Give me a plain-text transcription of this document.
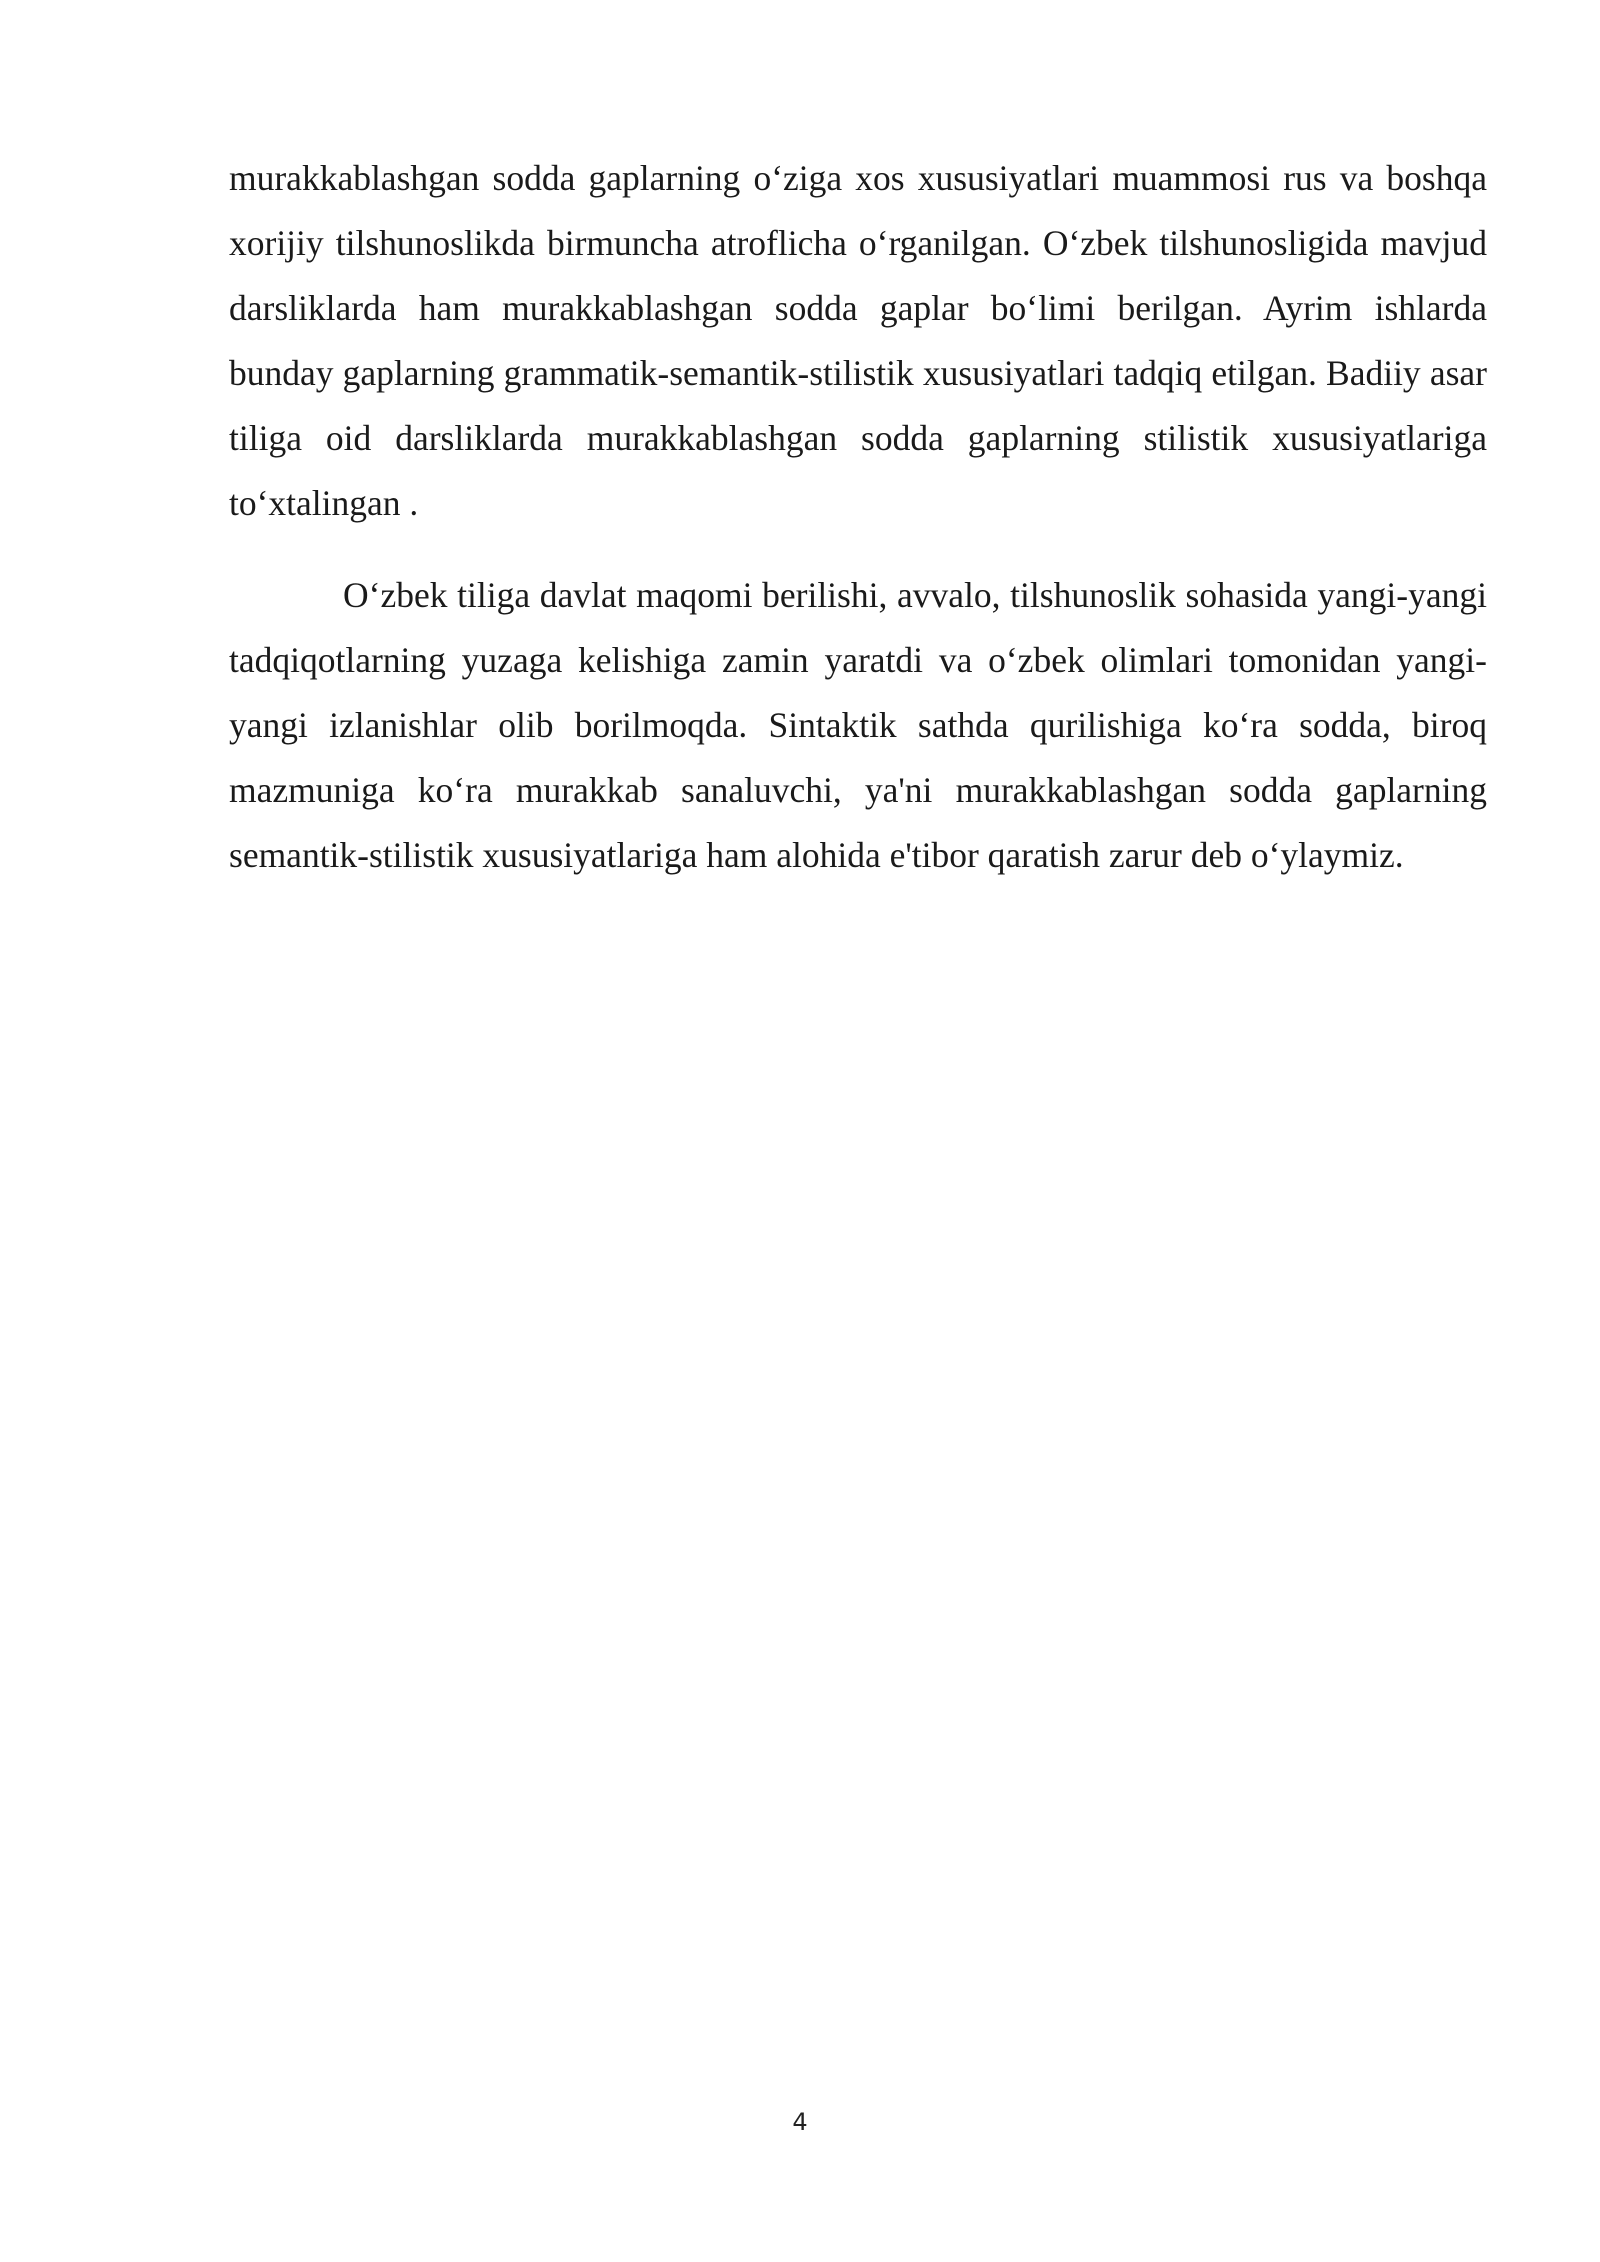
murakkablashgan sodda gaplarning o‘ziga xos xususiyatlari muammosi rus va boshqa xorijiy tilshunoslikda birmuncha atroflicha o‘rganilgan. O‘zbek tilshunosligida mavjud darsliklarda ham murakkablashgan sodda gaplar bo‘limi berilgan. Ayrim ishlarda bunday gaplarning grammatik-semantik-stilistik xususiyatlari tadqiq etilgan. Badiiy asar tiliga oid darsliklarda murakkablashgan sodda gaplarning stilistik xususiyatlariga to‘xtalingan .

O‘zbek tiliga davlat maqomi berilishi, avvalo, tilshunoslik sohasida yangi-yangi tadqiqotlarning yuzaga kelishiga zamin yaratdi va o‘zbek olimlari tomonidan yangi-yangi izlanishlar olib borilmoqda. Sintaktik sathda qurilishiga ko‘ra sodda, biroq mazmuniga ko‘ra murakkab sanaluvchi, ya'ni murakkablashgan sodda gaplarning semantik-stilistik xususiyatlariga ham alohida e'tibor qaratish zarur deb o‘ylaymiz.

4
